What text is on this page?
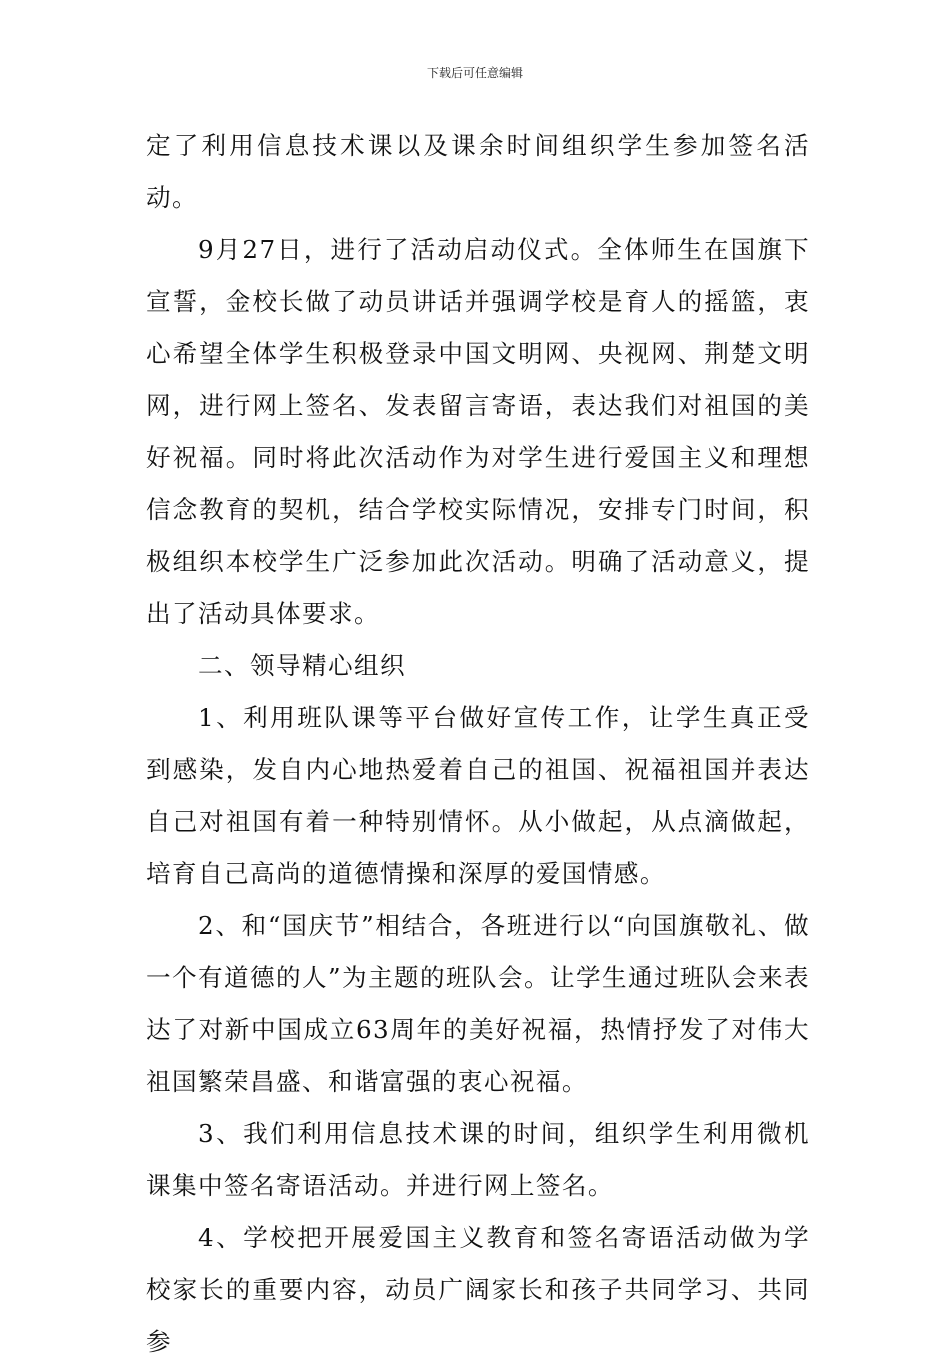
下载后可任意编辑

定了利用信息技术课以及课余时间组织学生参加签名活动。

9月27日，进行了活动启动仪式。全体师生在国旗下宣誓，金校长做了动员讲话并强调学校是育人的摇篮，衷心希望全体学生积极登录中国文明网、央视网、荆楚文明网，进行网上签名、发表留言寄语，表达我们对祖国的美好祝福。同时将此次活动作为对学生进行爱国主义和理想信念教育的契机，结合学校实际情况，安排专门时间，积极组织本校学生广泛参加此次活动。明确了活动意义，提出了活动具体要求。

二、领导精心组织

1、利用班队课等平台做好宣传工作，让学生真正受到感染，发自内心地热爱着自己的祖国、祝福祖国并表达自己对祖国有着一种特别情怀。从小做起，从点滴做起，培育自己高尚的道德情操和深厚的爱国情感。

2、和“国庆节”相结合，各班进行以“向国旗敬礼、做一个有道德的人”为主题的班队会。让学生通过班队会来表达了对新中国成立63周年的美好祝福，热情抒发了对伟大祖国繁荣昌盛、和谐富强的衷心祝福。

3、我们利用信息技术课的时间，组织学生利用微机课集中签名寄语活动。并进行网上签名。

4、学校把开展爱国主义教育和签名寄语活动做为学校家长的重要内容，动员广阔家长和孩子共同学习、共同参
